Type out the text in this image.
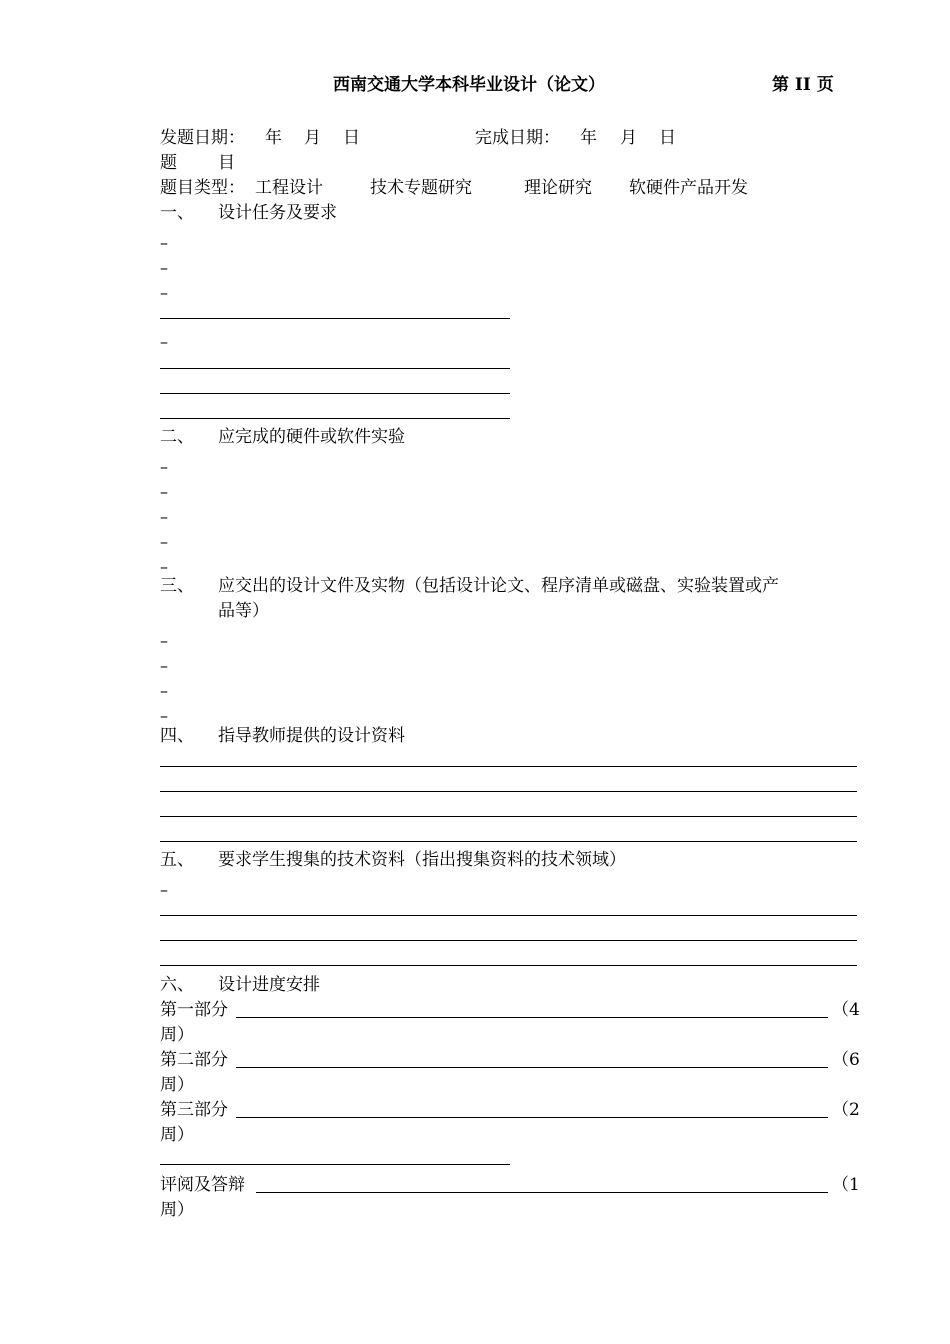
西南交通大学本科毕业设计（论文）	第 II 页
发题日期： 年 月 日	完成日期： 年 月 日
题 目
题目类型： 工程设计	技术专题研究	理论研究 软硬件产品开发
一、 设计任务及要求
–
–
–
–
二、 应完成的硬件或软件实验
–
–
–
–
–
三、 应交出的设计文件及实物（包括设计论文、程序清单或磁盘、实验装置或产
品等）
–
–
–
–
四、 指导教师提供的设计资料
五、 要求学生搜集的技术资料（指出搜集资料的技术领域）
–
六、 设计进度安排
第一部分	（4
周）
第二部分	（6
周）
第三部分	（2
周）
评阅及答辩	（1
周）
